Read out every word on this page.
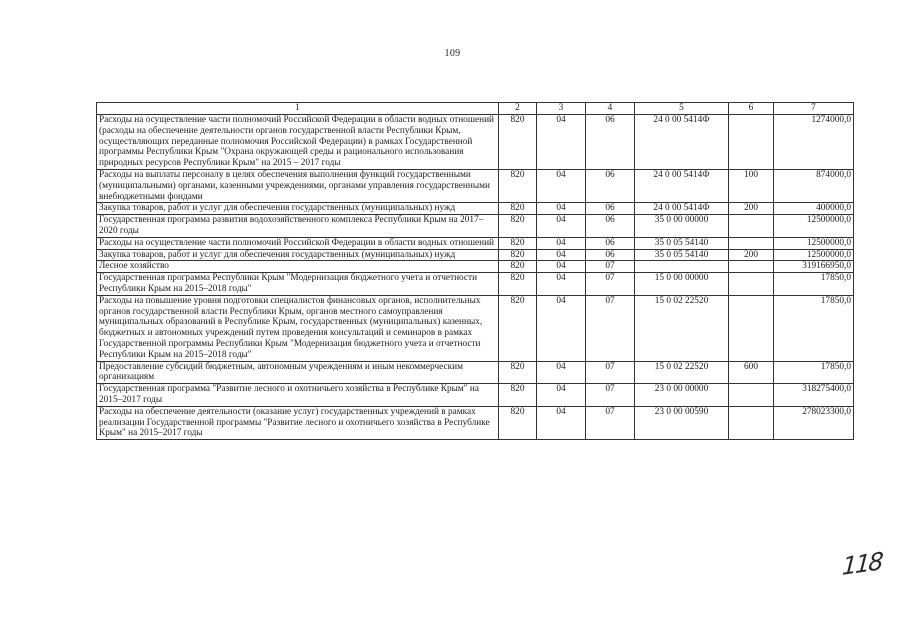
109
1	2	3	4	5	6	7
Расходы на осуществление части полномочий Российской Федерации в области водных отношений (расходы на обеспечение деятельности органов государственной власти Республики Крым, осуществляющих переданные полномочия Российской Федерации) в рамках Государственной программы Республики Крым "Охрана окружающей среды и рационального использования природных ресурсов Республики Крым" на 2015 – 2017 годы	820	04	06	24 0 00 5414Ф		1274000,0
Расходы на выплаты персоналу в целях обеспечения выполнения функций государственными (муниципальными) органами, казенными учреждениями, органами управления государственными внебюджетными фондами	820	04	06	24 0 00 5414Ф	100	874000,0
Закупка товаров, работ и услуг для обеспечения государственных (муниципальных) нужд	820	04	06	24 0 00 5414Ф	200	400000,0
Государственная программа развития водохозяйственного комплекса Республики Крым на 2017–2020 годы	820	04	06	35 0 00 00000		12500000,0
Расходы на осуществление части полномочий Российской Федерации в области водных отношений	820	04	06	35 0 05 54140		12500000,0
Закупка товаров, работ и услуг для обеспечения государственных (муниципальных) нужд	820	04	06	35 0 05 54140	200	12500000,0
Лесное хозяйство	820	04	07			319166950,0
Государственная программа Республики Крым "Модернизация бюджетного учета и отчетности Республики Крым на 2015–2018 годы"	820	04	07	15 0 00 00000		17850,0
Расходы на повышение уровня подготовки специалистов финансовых органов, исполнительных органов государственной власти Республики Крым, органов местного самоуправления муниципальных образований в Республике Крым, государственных (муниципальных) казенных, бюджетных и автономных учреждений путем проведения консультаций и семинаров в рамках Государственной программы Республики Крым "Модернизация бюджетного учета и отчетности Республики Крым на 2015–2018 годы"	820	04	07	15 0 02 22520		17850,0
Предоставление субсидий бюджетным, автономным учреждениям и иным некоммерческим организациям	820	04	07	15 0 02 22520	600	17850,0
Государственная программа "Развитие лесного и охотничьего хозяйства в Республике Крым" на 2015–2017 годы	820	04	07	23 0 00 00000		318275400,0
Расходы на обеспечение деятельности (оказание услуг) государственных учреждений в рамках реализации Государственной программы "Развитие лесного и охотничьего хозяйства в Республике Крым" на 2015–2017 годы	820	04	07	23 0 00 00590		278023300,0
118
